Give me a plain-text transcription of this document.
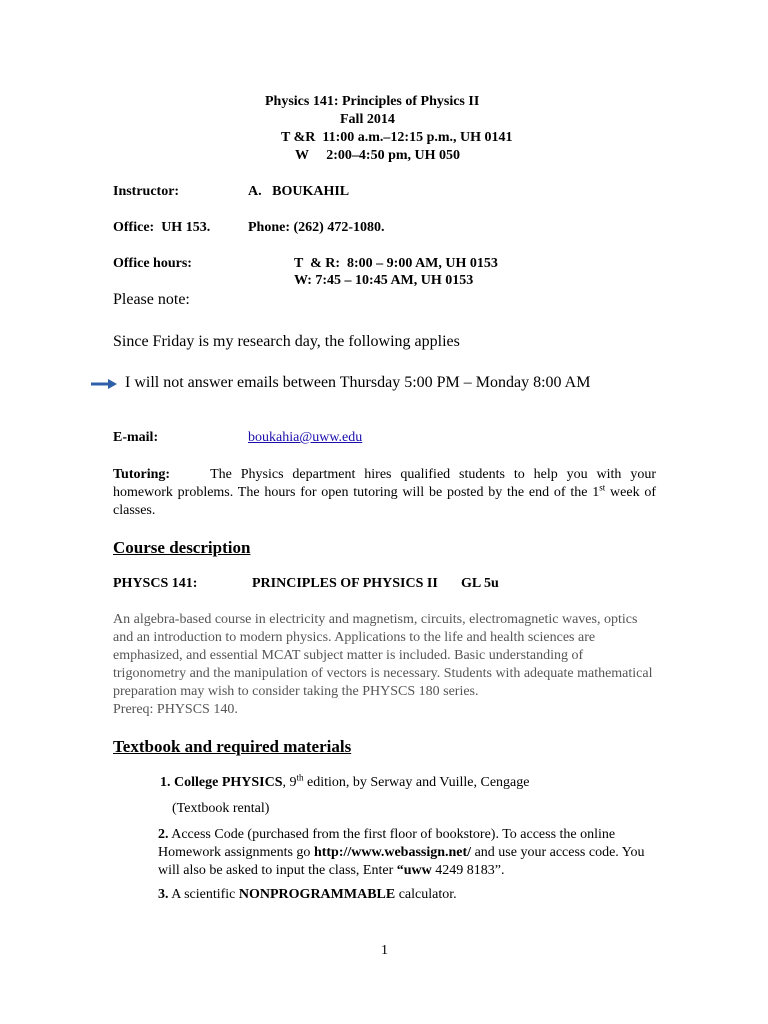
Physics 141: Principles of Physics II
Fall 2014
T &R  11:00 a.m.–12:15 p.m., UH 0141
W     2:00–4:50 pm, UH 050
Instructor:	A.   BOUKAHIL
Office:  UH 153.	Phone: (262) 472-1080.
Office hours:	T  & R:  8:00 – 9:00 AM, UH 0153
W: 7:45 – 10:45 AM, UH 0153
Please note:
Since Friday is my research day, the following applies
I will not answer emails between Thursday 5:00 PM – Monday 8:00 AM
E-mail:	boukahia@uww.edu
Tutoring:	The Physics department hires qualified students to help you with your homework problems. The hours for open tutoring will be posted by the end of the 1st week of classes.
Course description
PHYSCS 141:	PRINCIPLES OF PHYSICS II GL 5u
An algebra-based course in electricity and magnetism, circuits, electromagnetic waves, optics and an introduction to modern physics. Applications to the life and health sciences are emphasized, and essential MCAT subject matter is included. Basic understanding of trigonometry and the manipulation of vectors is necessary. Students with adequate mathematical preparation may wish to consider taking the PHYSCS 180 series.
Prereq: PHYSCS 140.
Textbook and required materials
1. College PHYSICS, 9th edition, by Serway and Vuille, Cengage
(Textbook rental)
2. Access Code (purchased from the first floor of bookstore). To access the online Homework assignments go http://www.webassign.net/ and use your access code. You will also be asked to input the class, Enter “uww 4249 8183”.
3. A scientific NONPROGRAMMABLE calculator.
1
